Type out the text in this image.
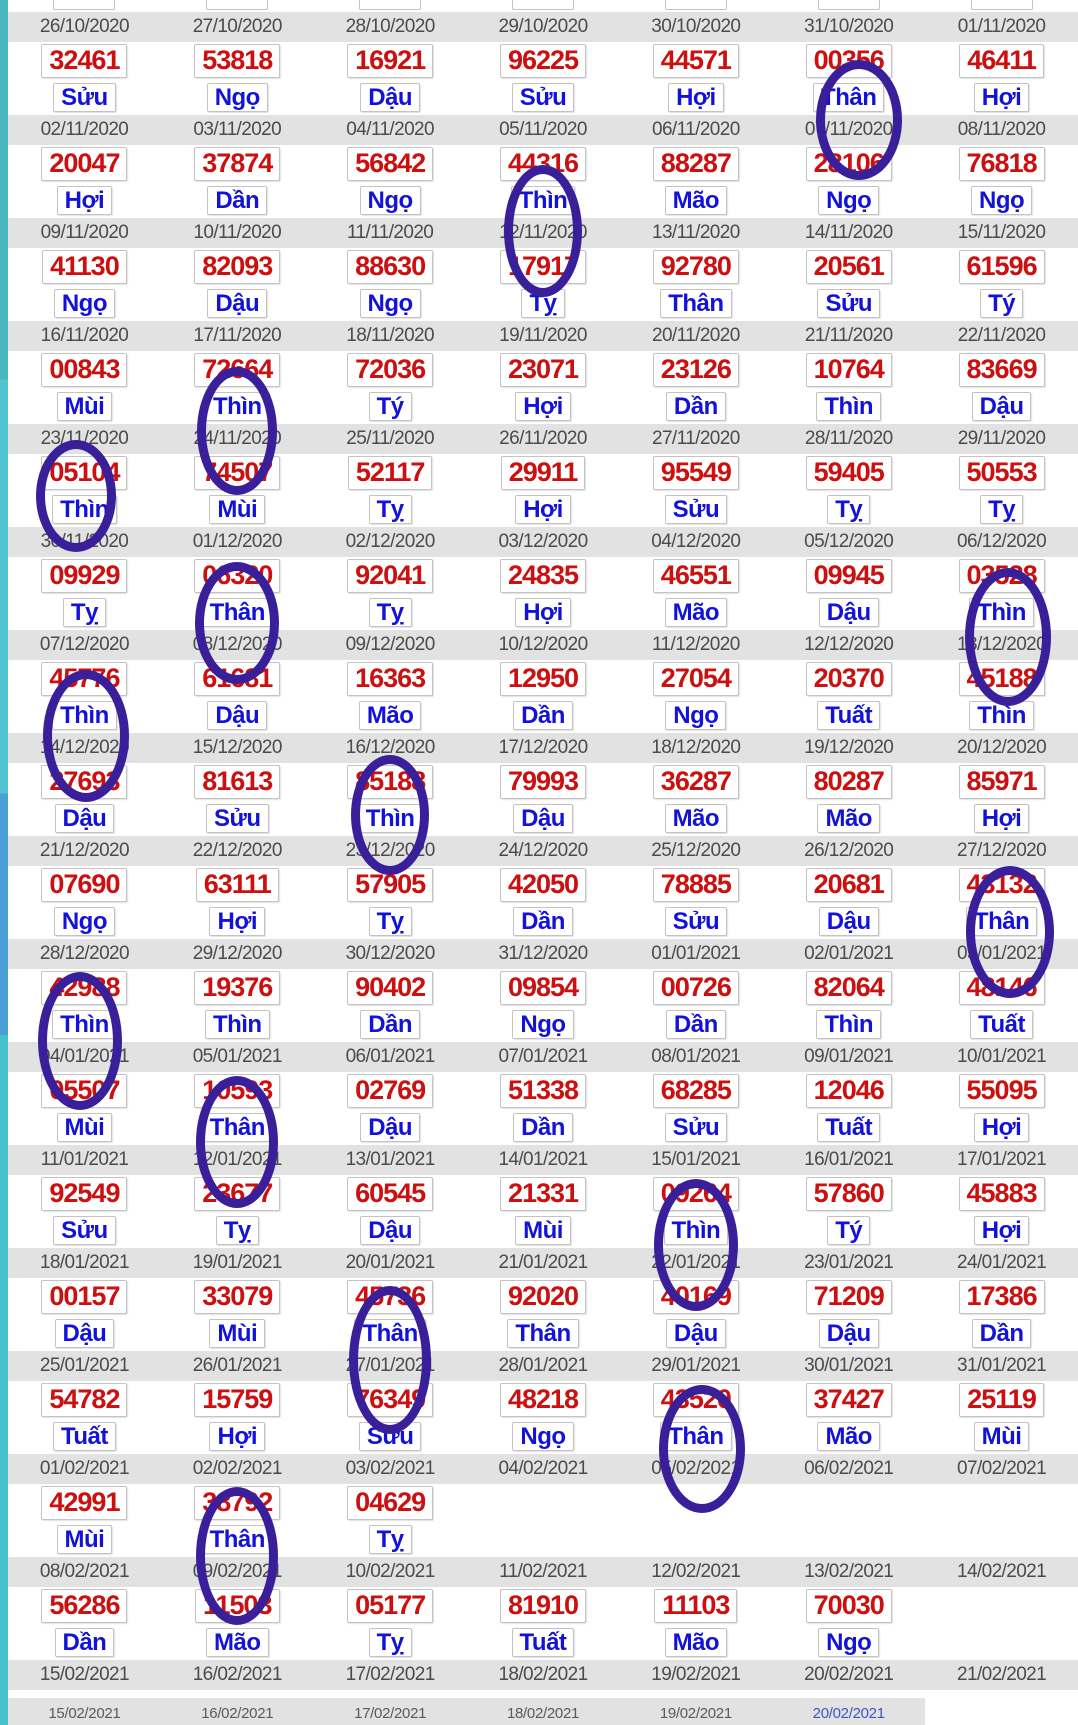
26/10/2020	27/10/2020	28/10/2020	29/10/2020	30/10/2020	31/10/2020	01/11/2020
32461	53818	16921	96225	44571	00356	46411
Sửu	Ngọ	Dậu	Sửu	Hợi	Thân	Hợi
02/11/2020	03/11/2020	04/11/2020	05/11/2020	06/11/2020	07/11/2020	08/11/2020
20047	37874	56842	44316	88287	28106	76818
Hợi	Dần	Ngọ	Thìn	Mão	Ngọ	Ngọ
09/11/2020	10/11/2020	11/11/2020	12/11/2020	13/11/2020	14/11/2020	15/11/2020
41130	82093	88630	17917	92780	20561	61596
Ngọ	Dậu	Ngọ	Tỵ	Thân	Sửu	Tý
16/11/2020	17/11/2020	18/11/2020	19/11/2020	20/11/2020	21/11/2020	22/11/2020
00843	72664	72036	23071	23126	10764	83669
Mùi	Thìn	Tý	Hợi	Dần	Thìn	Dậu
23/11/2020	24/11/2020	25/11/2020	26/11/2020	27/11/2020	28/11/2020	29/11/2020
05104	74507	52117	29911	95549	59405	50553
Thìn	Mùi	Tỵ	Hợi	Sửu	Tỵ	Tỵ
30/11/2020	01/12/2020	02/12/2020	03/12/2020	04/12/2020	05/12/2020	06/12/2020
09929	06320	92041	24835	46551	09945	03528
Tỵ	Thân	Tỵ	Hợi	Mão	Dậu	Thìn
07/12/2020	08/12/2020	09/12/2020	10/12/2020	11/12/2020	12/12/2020	13/12/2020
45776	61681	16363	12950	27054	20370	45188
Thìn	Dậu	Mão	Dần	Ngọ	Tuất	Thìn
14/12/2020	15/12/2020	16/12/2020	17/12/2020	18/12/2020	19/12/2020	20/12/2020
27693	81613	85188	79993	36287	80287	85971
Dậu	Sửu	Thìn	Dậu	Mão	Mão	Hợi
21/12/2020	22/12/2020	23/12/2020	24/12/2020	25/12/2020	26/12/2020	27/12/2020
07690	63111	57905	42050	78885	20681	43132
Ngọ	Hợi	Tỵ	Dần	Sửu	Dậu	Thân
28/12/2020	29/12/2020	30/12/2020	31/12/2020	01/01/2021	02/01/2021	03/01/2021
42988	19376	90402	09854	00726	82064	48146
Thìn	Thìn	Dần	Ngọ	Dần	Thìn	Tuất
04/01/2021	05/01/2021	06/01/2021	07/01/2021	08/01/2021	09/01/2021	10/01/2021
05507	10593	02769	51338	68285	12046	55095
Mùi	Thân	Dậu	Dần	Sửu	Tuất	Hợi
11/01/2021	12/01/2021	13/01/2021	14/01/2021	15/01/2021	16/01/2021	17/01/2021
92549	23677	60545	21331	09264	57860	45883
Sửu	Tỵ	Dậu	Mùi	Thìn	Tý	Hợi
18/01/2021	19/01/2021	20/01/2021	21/01/2021	22/01/2021	23/01/2021	24/01/2021
00157	33079	45736	92020	40169	71209	17386
Dậu	Mùi	Thân	Thân	Dậu	Dậu	Dần
25/01/2021	26/01/2021	27/01/2021	28/01/2021	29/01/2021	30/01/2021	31/01/2021
54782	15759	76349	48218	43520	37427	25119
Tuất	Hợi	Sửu	Ngọ	Thân	Mão	Mùi
01/02/2021	02/02/2021	03/02/2021	04/02/2021	05/02/2021	06/02/2021	07/02/2021
42991	38792	04629
Mùi	Thân	Tỵ
08/02/2021	09/02/2021	10/02/2021	11/02/2021	12/02/2021	13/02/2021	14/02/2021
56286	11503	05177	81910	11103	70030
Dần	Mão	Tỵ	Tuất	Mão	Ngọ
15/02/2021	16/02/2021	17/02/2021	18/02/2021	19/02/2021	20/02/2021	21/02/2021
15/02/2021	16/02/2021	17/02/2021	18/02/2021	19/02/2021	20/02/2021
